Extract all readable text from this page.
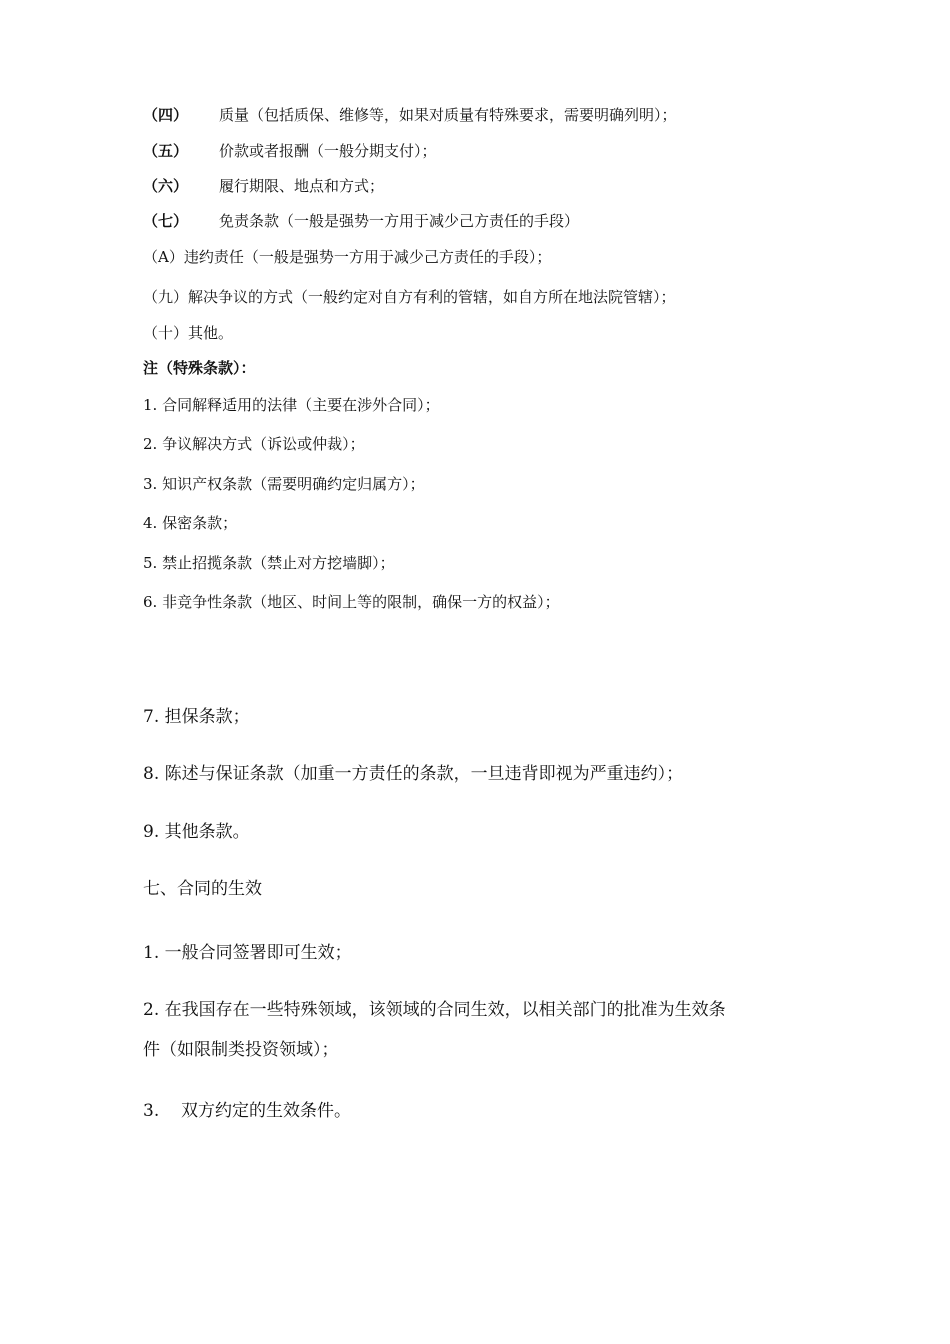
（四） 质量（包括质保、维修等，如果对质量有特殊要求，需要明确列明）；
（五） 价款或者报酬（一般分期支付）；
（六） 履行期限、地点和方式；
（七） 免责条款（一般是强势一方用于减少己方责任的手段）
（A）违约责任（一般是强势一方用于减少己方责任的手段）；
（九）解决争议的方式（一般约定对自方有利的管辖，如自方所在地法院管辖）；
（十）其他。
注（特殊条款）：
1. 合同解释适用的法律（主要在涉外合同）；
2. 争议解决方式（诉讼或仲裁）；
3. 知识产权条款（需要明确约定归属方）；
4. 保密条款；
5. 禁止招揽条款（禁止对方挖墙脚）；
6. 非竞争性条款（地区、时间上等的限制，确保一方的权益）；
7. 担保条款；
8. 陈述与保证条款（加重一方责任的条款，一旦违背即视为严重违约）；
9. 其他条款。
七、合同的生效
1. 一般合同签署即可生效；
2. 在我国存在一些特殊领域，该领域的合同生效，以相关部门的批准为生效条
件（如限制类投资领域）；
3. 双方约定的生效条件。
